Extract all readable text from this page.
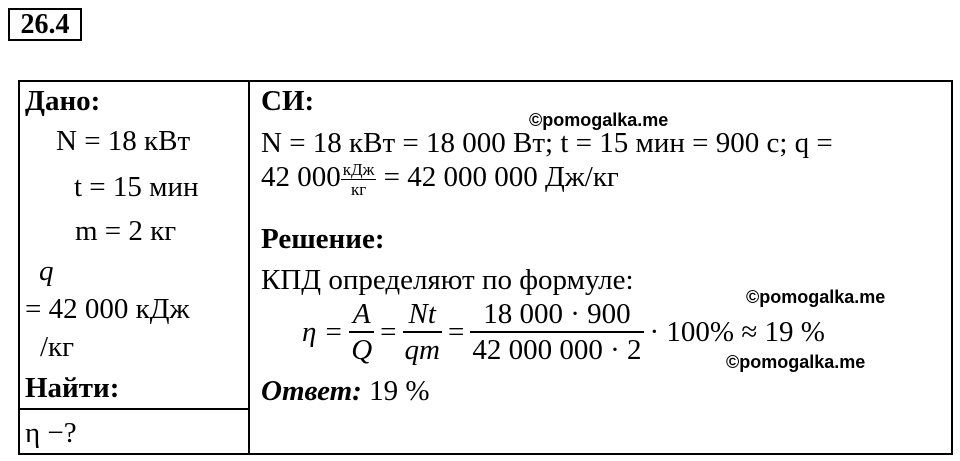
26.4
Дано:
N = 18 кВт
t = 15 мин
m = 2 кг
q
= 42 000 кДж
/кг
Найти:
η −?
СИ:
©pomogalka.me
N = 18 кВт = 18 000 Вт; t = 15 мин = 900 с; q =
42 $000 \frac{\text{кДж}}{кг} = 42$ 000 000 Дж/кг
Решение:
КПД определяют по формуле:
©pomogalka.me
$\eta = \frac{A}{Q} = \frac{Nt}{qm} = \frac{18 000 \cdot 900}{42 000 000 \cdot 2} \cdot 100\% \approx 19$ %
©pomogalka.me
Ответ: 19 %
